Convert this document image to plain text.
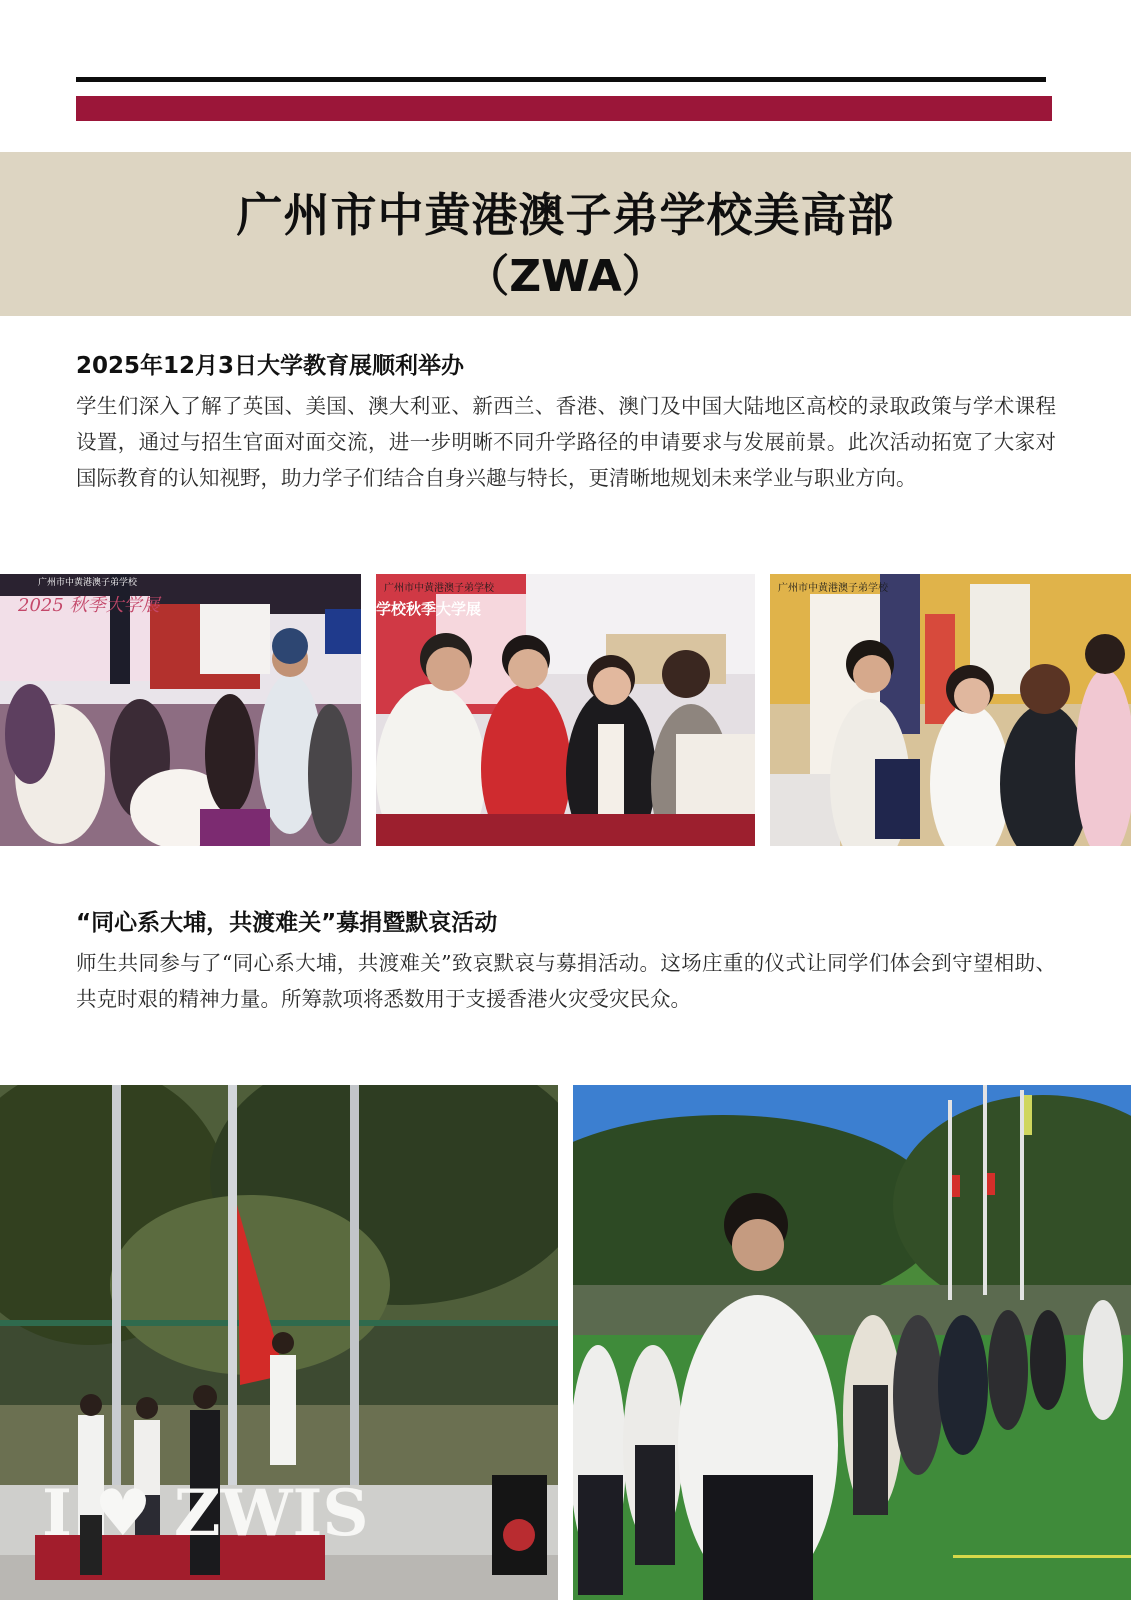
广州市中黄港澳子弟学校美高部
（ZWA）
2025年12月3日大学教育展顺利举办

学生们深入了解了英国、美国、澳大利亚、新西兰、香港、澳门及中国大陆地区高校的录取政策与学术课程设置，通过与招生官面对面交流，进一步明晰不同升学路径的申请要求与发展前景。此次活动拓宽了大家对国际教育的认知视野，助力学子们结合自身兴趣与特长，更清晰地规划未来学业与职业方向。

2025 秋季大学展
广州市中黄港澳子弟学校	广州市中黄港澳子弟学校
学校秋季大学展
广州市中黄港澳子弟学校
“同心系大埔，共渡难关”募捐暨默哀活动

师生共同参与了“同心系大埔，共渡难关”致哀默哀与募捐活动。这场庄重的仪式让同学们体会到守望相助、共克时艰的精神力量。所筹款项将悉数用于支援香港火灾受灾民众。

I ♥ ZWIS
